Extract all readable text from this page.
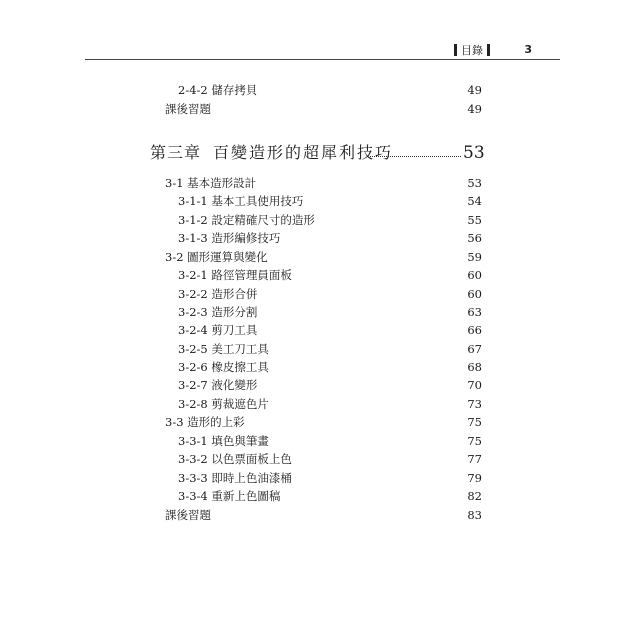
目錄	3
2-4-2 儲存拷貝	49
課後習題	49
第三章 百變造形的超犀利技巧	53
3-1 基本造形設計	53
3-1-1 基本工具使用技巧	54
3-1-2 設定精確尺寸的造形	55
3-1-3 造形編修技巧	56
3-2 圖形運算與變化	59
3-2-1 路徑管理員面板	60
3-2-2 造形合併	60
3-2-3 造形分割	63
3-2-4 剪刀工具	66
3-2-5 美工刀工具	67
3-2-6 橡皮擦工具	68
3-2-7 液化變形	70
3-2-8 剪裁遮色片	73
3-3 造形的上彩	75
3-3-1 填色與筆畫	75
3-3-2 以色票面板上色	77
3-3-3 即時上色油漆桶	79
3-3-4 重新上色圖稿	82
課後習題	83
